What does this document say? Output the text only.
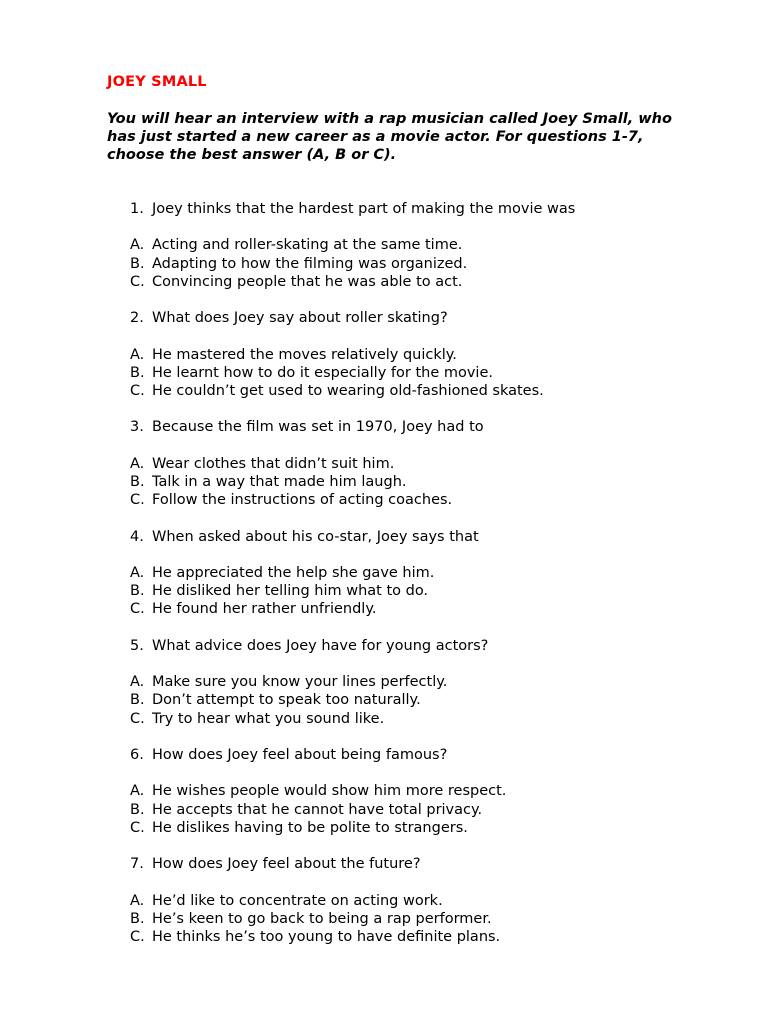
JOEY SMALL
You will hear an interview with a rap musician called Joey Small, who
has just started a new career as a movie actor. For questions 1-7,
choose the best answer (A, B or C).
1. Joey thinks that the hardest part of making the movie was
A. Acting and roller-skating at the same time.
B. Adapting to how the filming was organized.
C. Convincing people that he was able to act.
2. What does Joey say about roller skating?
A. He mastered the moves relatively quickly.
B. He learnt how to do it especially for the movie.
C. He couldn’t get used to wearing old-fashioned skates.
3. Because the film was set in 1970, Joey had to
A. Wear clothes that didn’t suit him.
B. Talk in a way that made him laugh.
C. Follow the instructions of acting coaches.
4. When asked about his co-star, Joey says that
A. He appreciated the help she gave him.
B. He disliked her telling him what to do.
C. He found her rather unfriendly.
5. What advice does Joey have for young actors?
A. Make sure you know your lines perfectly.
B. Don’t attempt to speak too naturally.
C. Try to hear what you sound like.
6. How does Joey feel about being famous?
A. He wishes people would show him more respect.
B. He accepts that he cannot have total privacy.
C. He dislikes having to be polite to strangers.
7. How does Joey feel about the future?
A. He’d like to concentrate on acting work.
B. He’s keen to go back to being a rap performer.
C. He thinks he’s too young to have definite plans.
